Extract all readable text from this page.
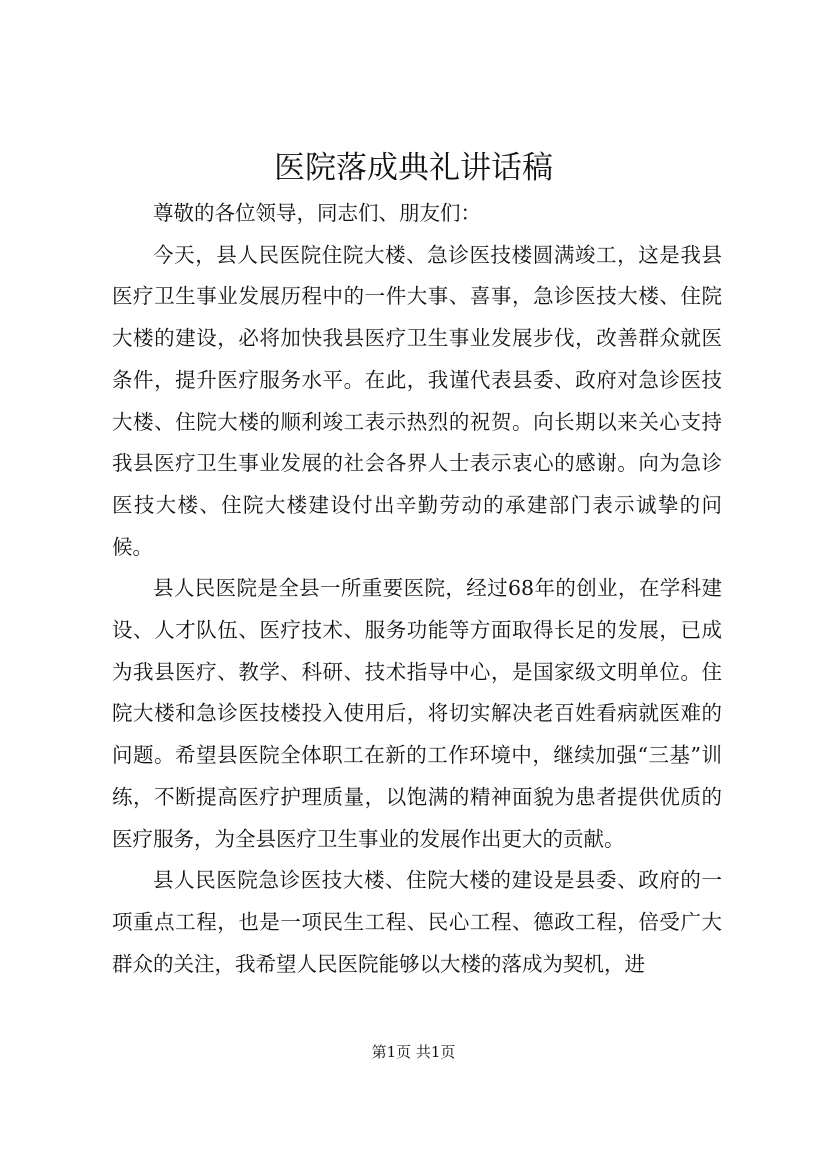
医院落成典礼讲话稿

尊敬的各位领导，同志们、朋友们：

今天，县人民医院住院大楼、急诊医技楼圆满竣工，这是我县医疗卫生事业发展历程中的一件大事、喜事，急诊医技大楼、住院大楼的建设，必将加快我县医疗卫生事业发展步伐，改善群众就医条件，提升医疗服务水平。在此，我谨代表县委、政府对急诊医技大楼、住院大楼的顺利竣工表示热烈的祝贺。向长期以来关心支持我县医疗卫生事业发展的社会各界人士表示衷心的感谢。向为急诊医技大楼、住院大楼建设付出辛勤劳动的承建部门表示诚挚的问候。

县人民医院是全县一所重要医院，经过68年的创业，在学科建设、人才队伍、医疗技术、服务功能等方面取得长足的发展，已成为我县医疗、教学、科研、技术指导中心，是国家级文明单位。住院大楼和急诊医技楼投入使用后，将切实解决老百姓看病就医难的问题。希望县医院全体职工在新的工作环境中，继续加强“三基”训练，不断提高医疗护理质量，以饱满的精神面貌为患者提供优质的医疗服务，为全县医疗卫生事业的发展作出更大的贡献。

县人民医院急诊医技大楼、住院大楼的建设是县委、政府的一项重点工程，也是一项民生工程、民心工程、德政工程，倍受广大群众的关注，我希望人民医院能够以大楼的落成为契机，进

第1页 共1页
